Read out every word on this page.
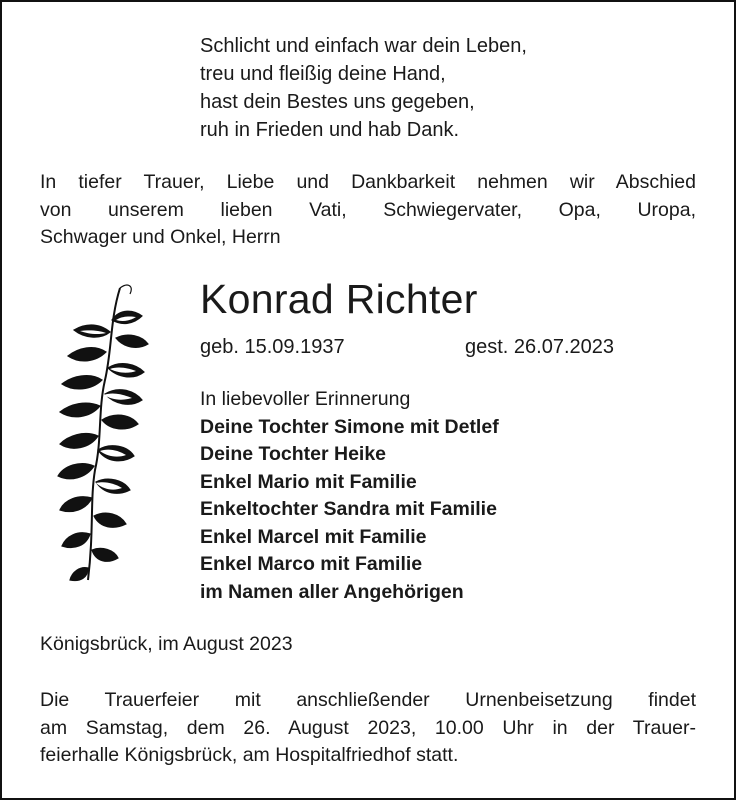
Schlicht und einfach war dein Leben,
treu und fleißig deine Hand,
hast dein Bestes uns gegeben,
ruh in Frieden und hab Dank.
In tiefer Trauer, Liebe und Dankbarkeit nehmen wir Abschied
von unserem lieben Vati, Schwiegervater, Opa, Uropa,
Schwager und Onkel, Herrn
Konrad Richter
geb. 15.09.1937	gest. 26.07.2023
In liebevoller Erinnerung
Deine Tochter Simone mit Detlef
Deine Tochter Heike
Enkel Mario mit Familie
Enkeltochter Sandra mit Familie
Enkel Marcel mit Familie
Enkel Marco mit Familie
im Namen aller Angehörigen
Königsbrück, im August 2023
Die Trauerfeier mit anschließender Urnenbeisetzung findet
am Samstag, dem 26. August 2023, 10.00 Uhr in der Trauer-
feierhalle Königsbrück, am Hospitalfriedhof statt.
